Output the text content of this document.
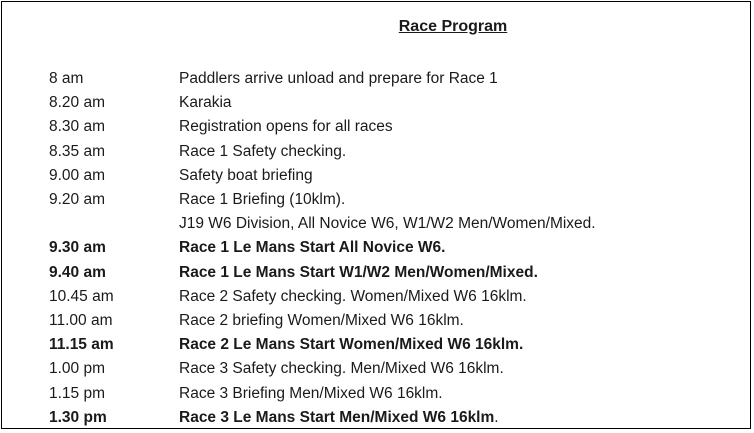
Race Program
8 am	Paddlers arrive unload and prepare for Race 1
8.20 am	Karakia
8.30 am	Registration opens for all races
8.35 am	Race 1 Safety checking.
9.00 am	Safety boat briefing
9.20 am	Race 1 Briefing (10klm).
J19 W6 Division, All Novice W6, W1/W2 Men/Women/Mixed.
9.30 am	Race 1 Le Mans Start All Novice W6.
9.40 am	Race 1 Le Mans Start W1/W2 Men/Women/Mixed.
10.45 am	Race 2 Safety checking. Women/Mixed W6 16klm.
11.00 am	Race 2 briefing Women/Mixed W6 16klm.
11.15 am	Race 2 Le Mans Start Women/Mixed W6 16klm.
1.00 pm	Race 3 Safety checking. Men/Mixed W6 16klm.
1.15 pm	Race 3 Briefing Men/Mixed W6 16klm.
1.30 pm	Race 3 Le Mans Start Men/Mixed W6 16klm.
